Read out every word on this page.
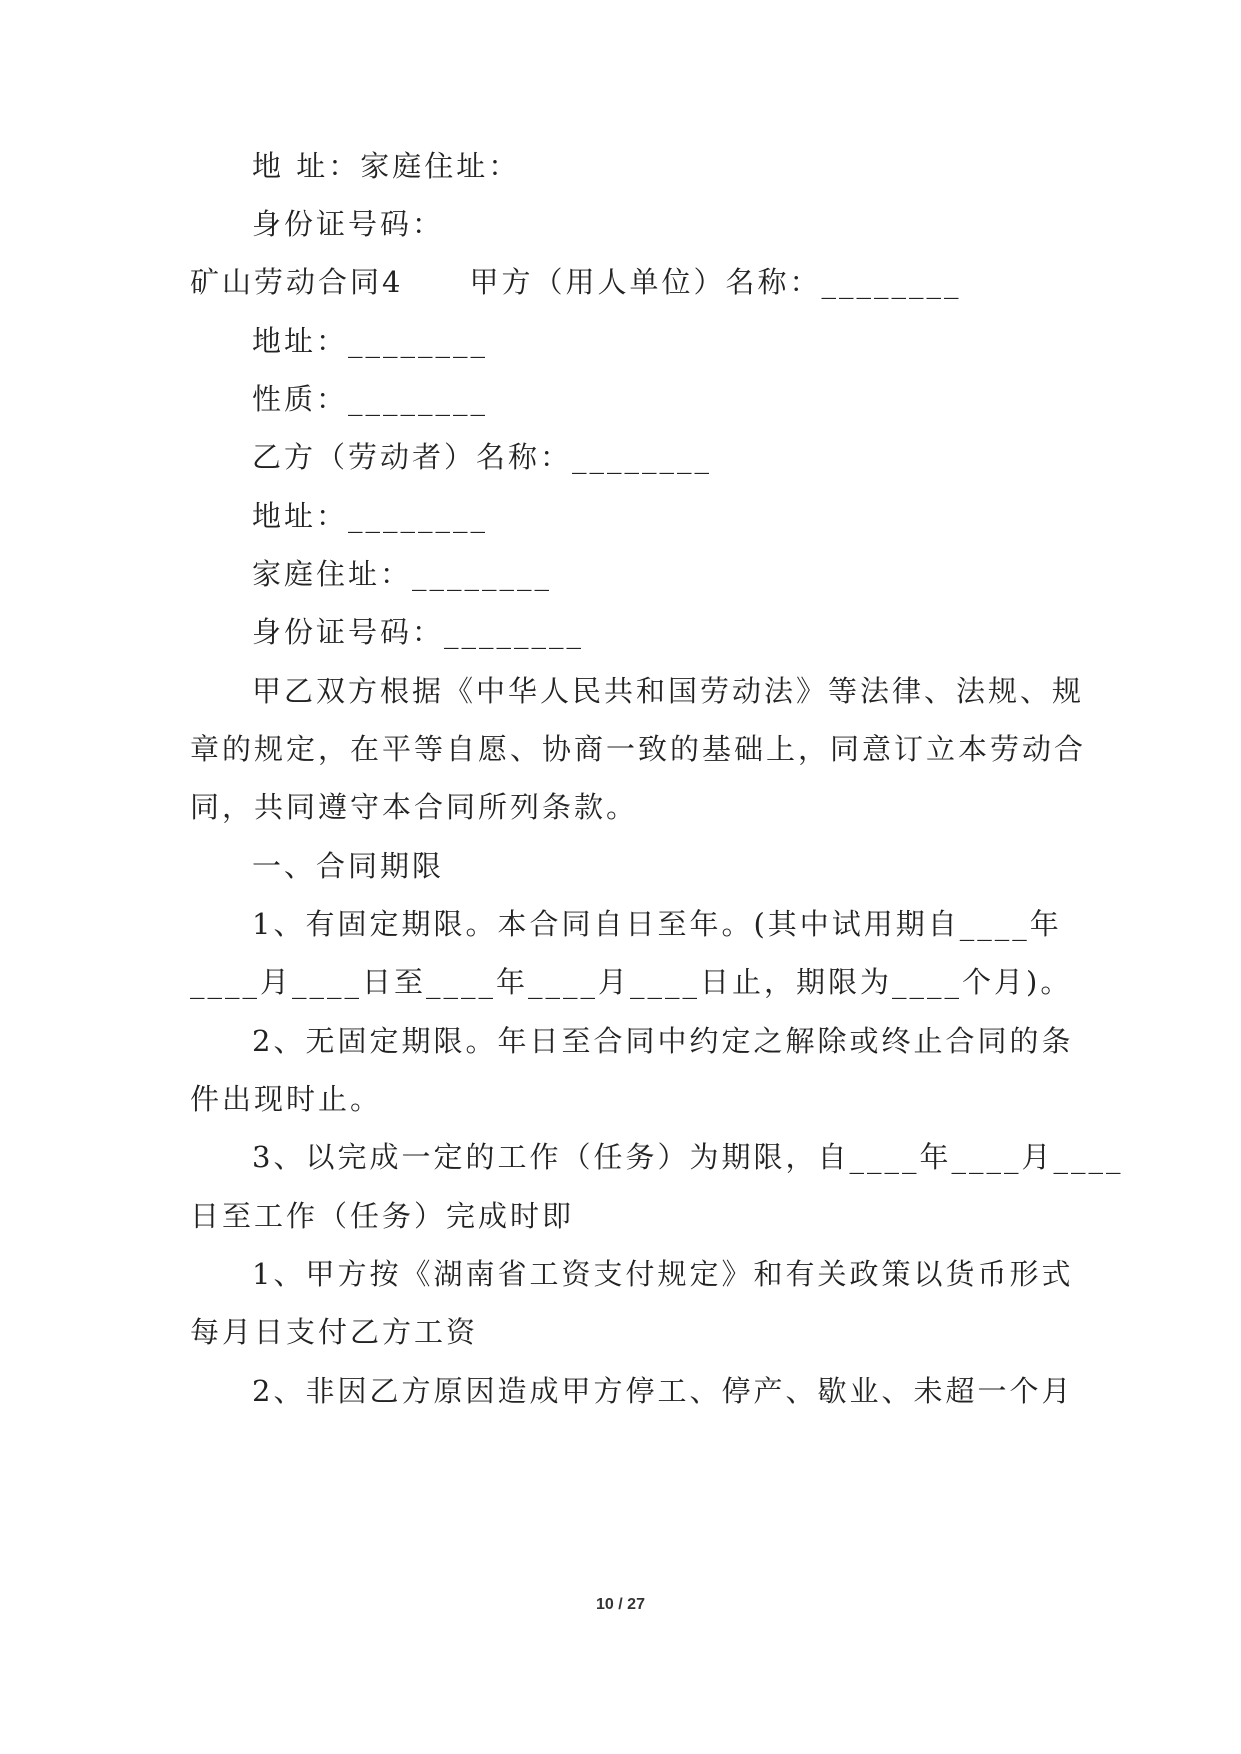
地 址：家庭住址：
身份证号码：
矿山劳动合同4 甲方（用人单位）名称：________
地址：________
性质：________
乙方（劳动者）名称：________
地址：________
家庭住址：________
身份证号码：________
甲乙双方根据《中华人民共和国劳动法》等法律、法规、规
章的规定，在平等自愿、协商一致的基础上，同意订立本劳动合
同，共同遵守本合同所列条款。
一、合同期限
1、有固定期限。本合同自日至年。(其中试用期自____年
____月____日至____年____月____日止，期限为____个月)。
2、无固定期限。年日至合同中约定之解除或终止合同的条
件出现时止。
3、以完成一定的工作（任务）为期限，自____年____月____
日至工作（任务）完成时即
1、甲方按《湖南省工资支付规定》和有关政策以货币形式
每月日支付乙方工资
2、非因乙方原因造成甲方停工、停产、歇业、未超一个月
10 / 27
